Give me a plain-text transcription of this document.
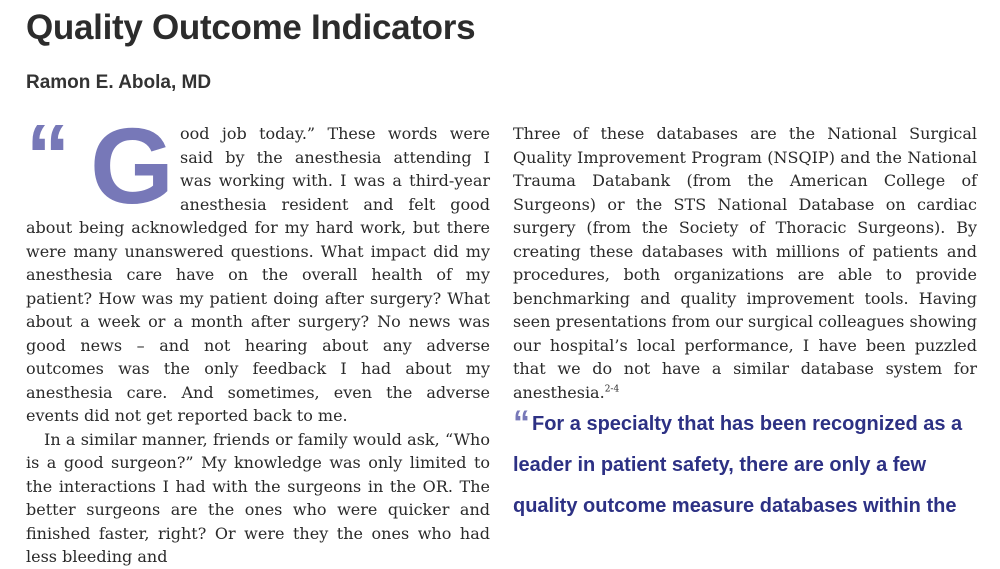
Quality Outcome Indicators
Ramon E. Abola, MD

“ G ood job today.” These words were said by the anesthesia attending I was working with. I was a third-year anesthesia resident and felt good about being acknowledged for my hard work, but there were many unanswered questions. What impact did my anesthesia care have on the overall health of my patient? How was my patient doing after surgery? What about a week or a month after surgery? No news was good news – and not hearing about any adverse outcomes was the only feedback I had about my anesthesia care. And sometimes, even the adverse events did not get reported back to me.

In a similar manner, friends or family would ask, “Who is a good surgeon?” My knowledge was only limited to the interactions I had with the surgeons in the OR. The better surgeons are the ones who were quicker and finished faster, right? Or were they the ones who had less bleeding and

Three of these databases are the National Surgical Quality Improvement Program (NSQIP) and the National Trauma Databank (from the American College of Surgeons) or the STS National Database on cardiac surgery (from the Society of Thoracic Surgeons). By creating these databases with millions of patients and procedures, both organizations are able to provide benchmarking and quality improvement tools. Having seen presentations from our surgical colleagues showing our hospital’s local performance, I have been puzzled that we do not have a similar database system for anesthesia.$^{2-4}$

“ For a specialty that has been recognized as a leader in patient safety, there are only a few quality outcome measure databases within the
